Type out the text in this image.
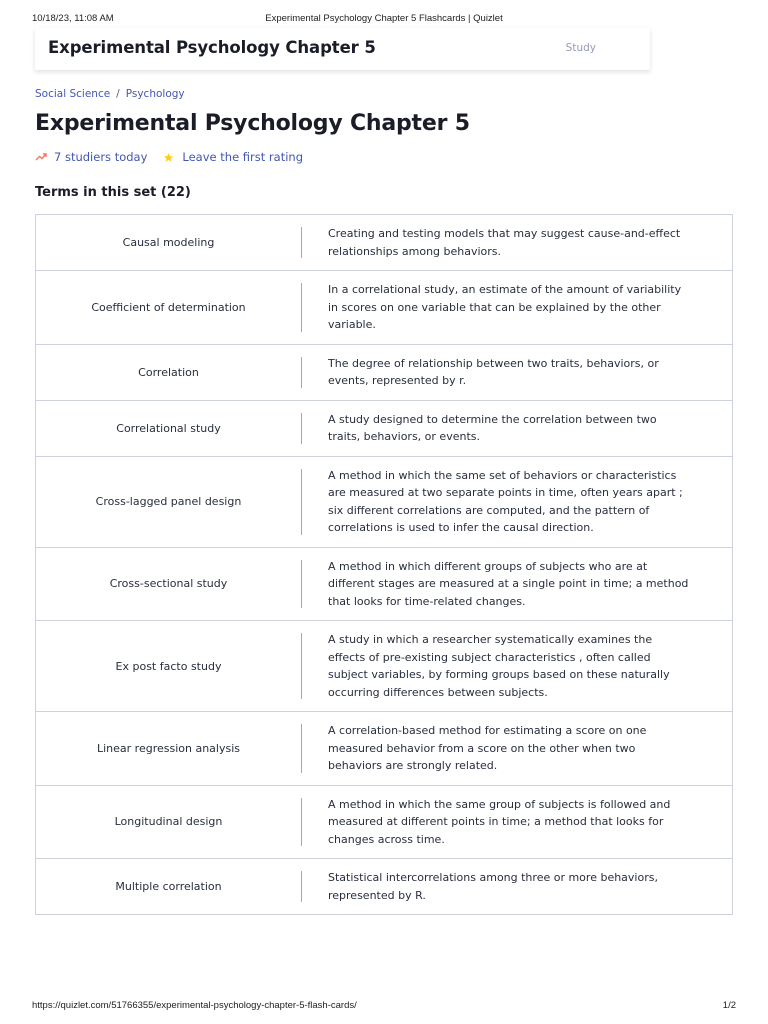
10/18/23, 11:08 AM	Experimental Psychology Chapter 5 Flashcards | Quizlet
Experimental Psychology Chapter 5	Study
Social Science / Psychology
Experimental Psychology Chapter 5
7 studiers today	Leave the first rating
Terms in this set (22)
Causal modeling
Creating and testing models that may suggest cause-and-effect relationships among behaviors.
Coefficient of determination
In a correlational study, an estimate of the amount of variability in scores on one variable that can be explained by the other variable.
Correlation
The degree of relationship between two traits, behaviors, or events, represented by r.
Correlational study
A study designed to determine the correlation between two traits, behaviors, or events.
Cross-lagged panel design
A method in which the same set of behaviors or characteristics are measured at two separate points in time, often years apart ; six different correlations are computed, and the pattern of correlations is used to infer the causal direction.
Cross-sectional study
A method in which different groups of subjects who are at different stages are measured at a single point in time; a method that looks for time-related changes.
Ex post facto study
A study in which a researcher systematically examines the effects of pre-existing subject characteristics , often called subject variables, by forming groups based on these naturally occurring differences between subjects.
Linear regression analysis
A correlation-based method for estimating a score on one measured behavior from a score on the other when two behaviors are strongly related.
Longitudinal design
A method in which the same group of subjects is followed and measured at different points in time; a method that looks for changes across time.
Multiple correlation
Statistical intercorrelations among three or more behaviors, represented by R.
https://quizlet.com/51766355/experimental-psychology-chapter-5-flash-cards/	1/2
